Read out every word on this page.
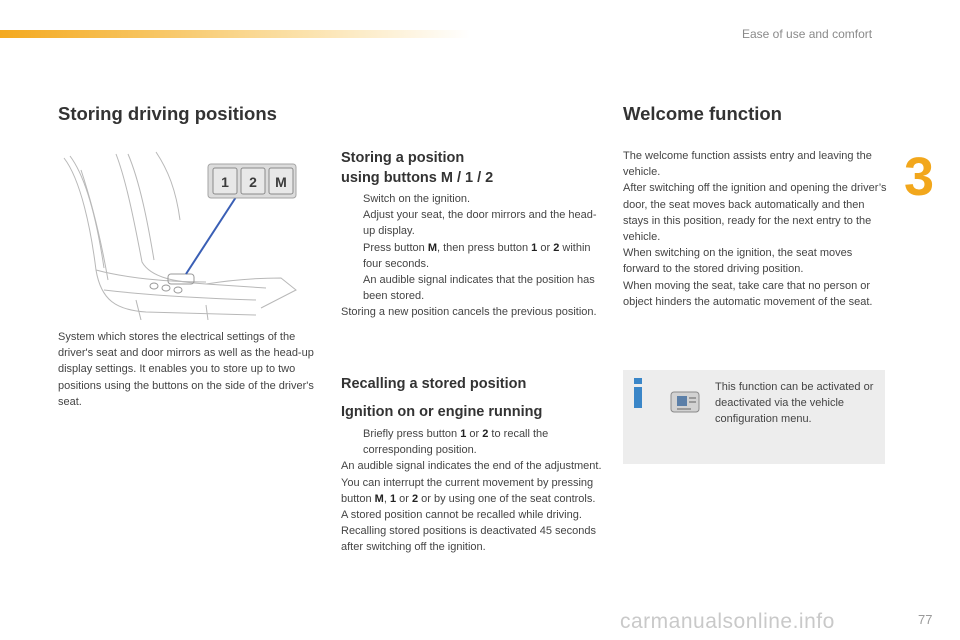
Ease of use and comfort
3
Storing driving positions
1 2 M
System which stores the electrical settings of the driver's seat and door mirrors as well as the head-up display settings. It enables you to store up to two positions using the buttons on the side of the driver's seat.
Storing a position
using buttons M / 1 / 2
Switch on the ignition.
Adjust your seat, the door mirrors and the head-up display.
Press button M, then press button 1 or 2 within four seconds.
An audible signal indicates that the position has been stored.
Storing a new position cancels the previous position.
Recalling a stored position
Ignition on or engine running
Briefly press button 1 or 2 to recall the corresponding position.
An audible signal indicates the end of the adjustment.
You can interrupt the current movement by pressing button M, 1 or 2 or by using one of the seat controls.
A stored position cannot be recalled while driving.
Recalling stored positions is deactivated 45 seconds after switching off the ignition.
Welcome function
The welcome function assists entry and leaving the vehicle.
After switching off the ignition and opening the driver’s door, the seat moves back automatically and then stays in this position, ready for the next entry to the vehicle.
When switching on the ignition, the seat moves forward to the stored driving position.
When moving the seat, take care that no person or object hinders the automatic movement of the seat.
This function can be activated or deactivated via the vehicle configuration menu.
carmanualsonline.info	77
